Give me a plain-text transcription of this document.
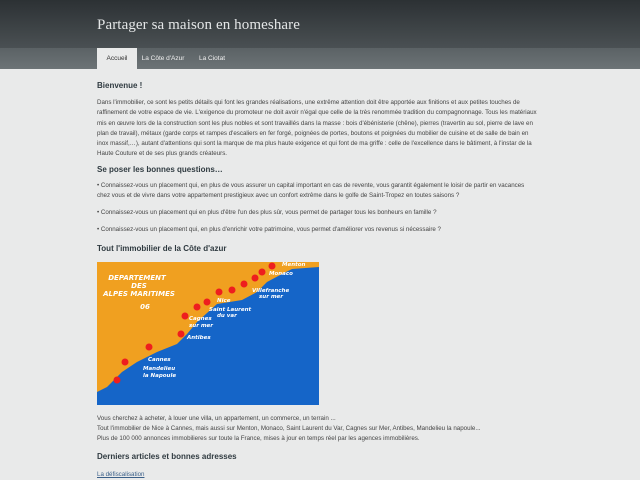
Partager sa maison en homeshare
Accueil	La Côte d'Azur	La Ciotat
Bienvenue !

Dans l'immobilier, ce sont les petits détails qui font les grandes réalisations, une extrême attention doit être apportée aux finitions et aux petites touches de raffinement de votre espace de vie. L'exigence du promoteur ne doit avoir n'égal que celle de la très renommée tradition du compagnonnage. Tous les matériaux mis en œuvre lors de la construction sont les plus nobles et sont travaillés dans la masse : bois d'ébénisterie (chêne), pierres (travertin au sol, pierre de lave en plan de travail), métaux (garde corps et rampes d'escaliers en fer forgé, poignées de portes, boutons et poignées du mobilier de cuisine et de salle de bain en inox massif,…), autant d'attentions qui sont la marque de ma plus haute exigence et qui font de ma griffe : celle de l'excellence dans le bâtiment, à l'instar de la Haute Couture et de ses plus grands créateurs.

Se poser les bonnes questions…

• Connaissez-vous un placement qui, en plus de vous assurer un capital important en cas de revente, vous garantit également le loisir de partir en vacances chez vous et de vivre dans votre appartement prestigieux avec un confort extrême dans le golfe de Saint-Tropez en toutes saisons ?

• Connaissez-vous un placement qui en plus d'être l'un des plus sûr, vous permet de partager tous les bonheurs en famille ?

• Connaissez-vous un placement qui, en plus d'enrichir votre patrimoine, vous permet d'améliorer vos revenus si nécessaire ?

Tout l'immobilier de la Côte d'azur
DEPARTEMENT
DES
ALPES MARITIMES
06
Menton
Monaco
Villefranche
sur mer
Nice
Saint Laurent
du var
Cagnes
sur mer
Antibes
Cannes
Mandelieu
la Napoule

Vous cherchez à acheter, à louer une villa, un appartement, un commerce, un terrain ...

Tout l'immobilier de Nice à Cannes, mais aussi sur Menton, Monaco, Saint Laurent du Var, Cagnes sur Mer, Antibes, Mandelieu la napoule...

Plus de 100 000 annonces immobilieres sur toute la France, mises à jour en temps réel par les agences immobilières.

Derniers articles et bonnes adresses

La défiscalisation
